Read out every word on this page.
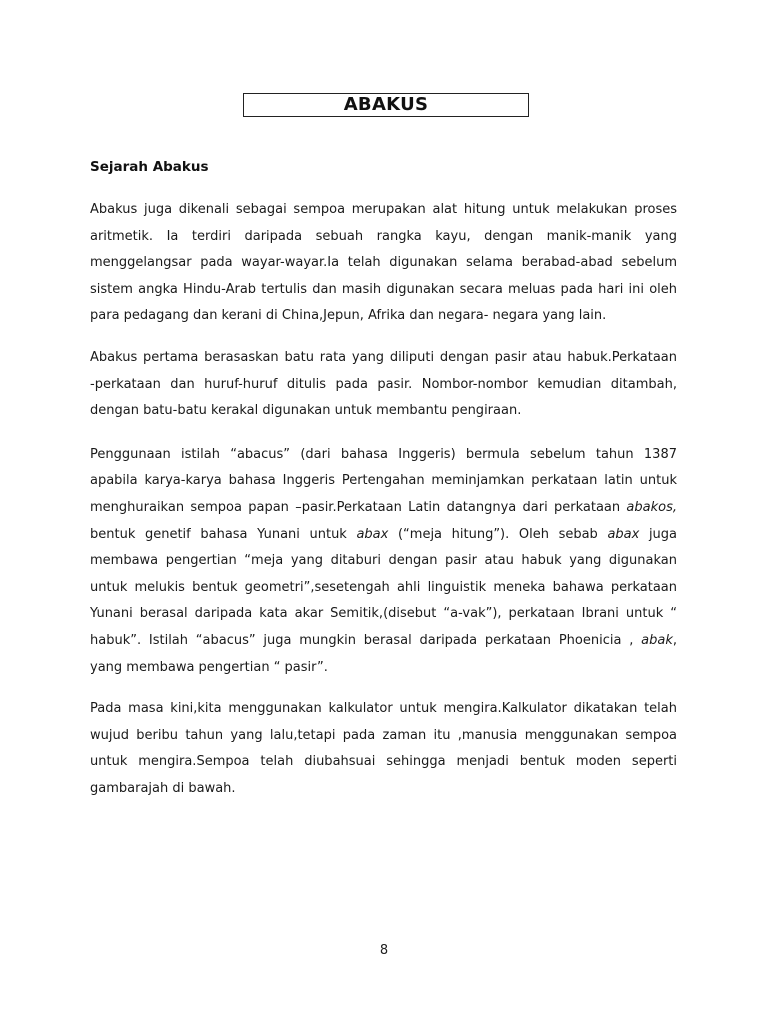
ABAKUS
Sejarah Abakus

Abakus juga dikenali sebagai sempoa merupakan alat hitung untuk melakukan proses
aritmetik. Ia terdiri daripada sebuah rangka kayu, dengan manik-manik yang
menggelangsar pada wayar-wayar.Ia telah digunakan selama berabad-abad sebelum
sistem angka Hindu-Arab tertulis dan masih digunakan secara meluas pada hari ini oleh
para pedagang dan kerani di China,Jepun, Afrika dan negara- negara yang lain.

Abakus pertama berasaskan batu rata yang diliputi dengan pasir atau habuk.Perkataan
-perkataan dan huruf-huruf ditulis pada pasir. Nombor-nombor kemudian ditambah,
dengan batu-batu kerakal digunakan untuk membantu pengiraan.

Penggunaan istilah “abacus” (dari bahasa Inggeris) bermula sebelum tahun 1387
apabila karya-karya bahasa Inggeris Pertengahan meminjamkan perkataan latin untuk
menghuraikan sempoa papan –pasir.Perkataan Latin datangnya dari perkataan abakos,
bentuk genetif bahasa Yunani untuk abax (“meja hitung”). Oleh sebab abax juga
membawa pengertian “meja yang ditaburi dengan pasir atau habuk yang digunakan
untuk melukis bentuk geometri”,sesetengah ahli linguistik meneka bahawa perkataan
Yunani berasal daripada kata akar Semitik,(disebut “a-vak”), perkataan Ibrani untuk “
habuk”. Istilah “abacus” juga mungkin berasal daripada perkataan Phoenicia , abak,
yang membawa pengertian “ pasir”.

Pada masa kini,kita menggunakan kalkulator untuk mengira.Kalkulator dikatakan telah
wujud beribu tahun yang lalu,tetapi pada zaman itu ,manusia menggunakan sempoa
untuk mengira.Sempoa telah diubahsuai sehingga menjadi bentuk moden seperti
gambarajah di bawah.

8
